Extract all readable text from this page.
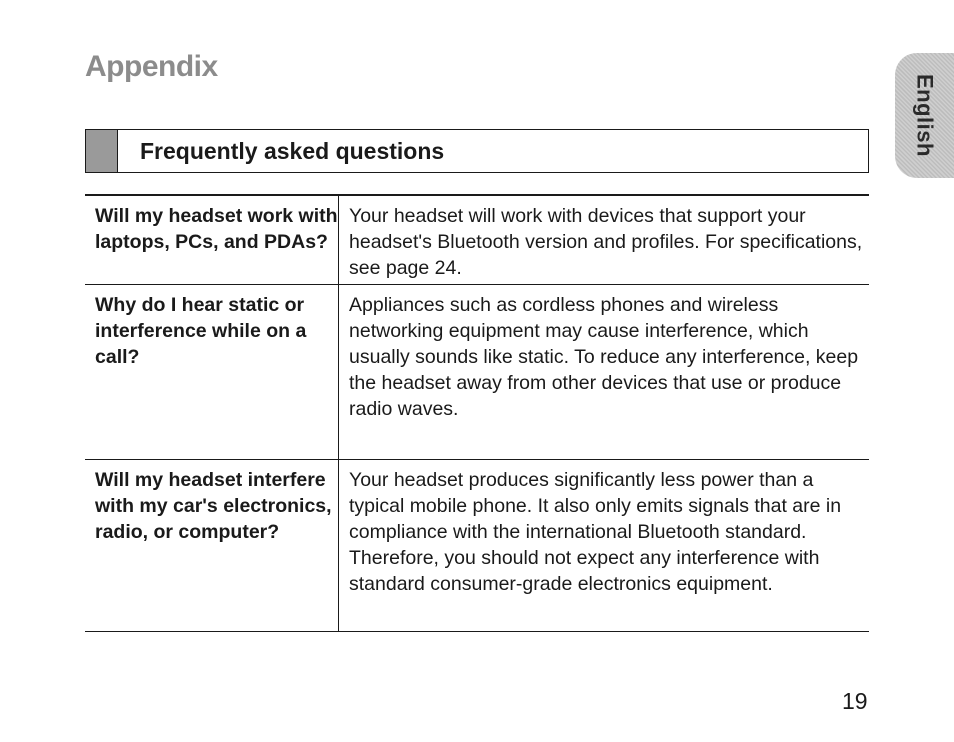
Appendix
English
Frequently asked questions
Will my headset work with laptops, PCs, and PDAs?	Your headset will work with devices that support your headset's Bluetooth version and profiles. For specifications, see page 24.
Why do I hear static or interference while on a call?	Appliances such as cordless phones and wireless networking equipment may cause interference, which usually sounds like static. To reduce any interference, keep the headset away from other devices that use or produce radio waves.
Will my headset interfere with my car's electronics, radio, or computer?	Your headset produces significantly less power than a typical mobile phone. It also only emits signals that are in compliance with the international Bluetooth standard. Therefore, you should not expect any interference with standard consumer-grade electronics equipment.
19
